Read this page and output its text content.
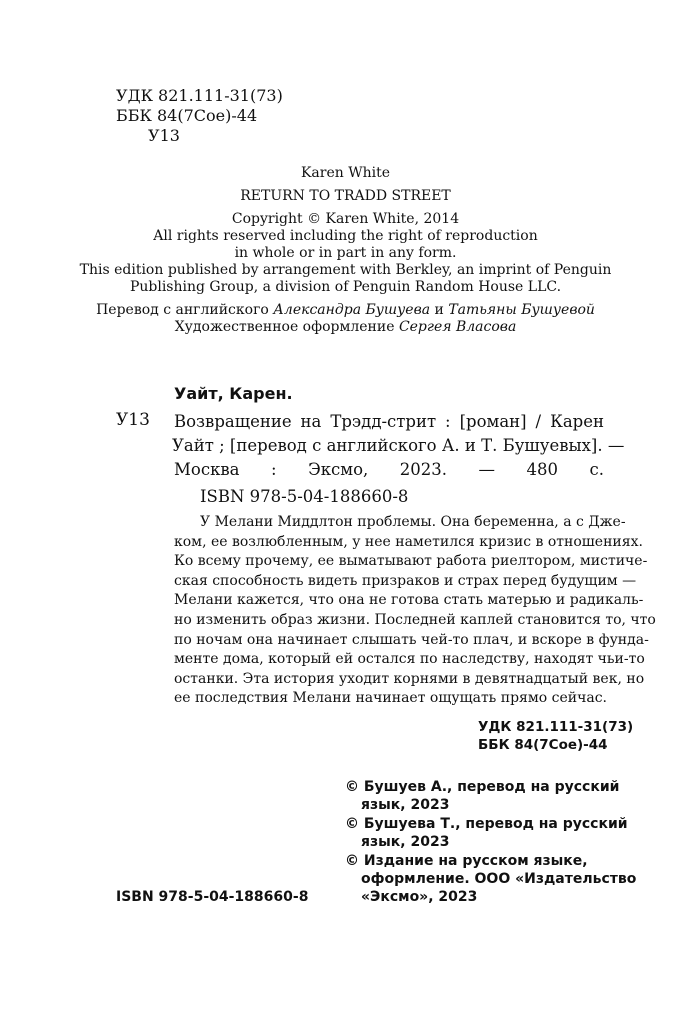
УДК 821.111-31(73)
ББК 84(7Сое)-44
У13
Karen White
RETURN TO TRADD STREET
Copyright © Karen White, 2014
All rights reserved including the right of reproduction
in whole or in part in any form.
This edition published by arrangement with Berkley, an imprint of Penguin
Publishing Group, a division of Penguin Random House LLC.
Перевод с английского Александра Бушуева и Татьяны Бушуевой
Художественное оформление Сергея Власова
Уайт, Карен.
У13 Возвращение на Трэдд-стрит : [роман] / Карен
Уайт ; [перевод с английского А. и Т. Бушуевых]. —
Москва : Эксмо, 2023. — 480 с.
ISBN 978-5-04-188660-8
У Мелани Миддлтон проблемы. Она беременна, а с Дже-
ком, ее возлюбленным, у нее наметился кризис в отношениях.
Ко всему прочему, ее выматывают работа риелтором, мистиче-
ская способность видеть призраков и страх перед будущим —
Мелани кажется, что она не готова стать матерью и радикаль-
но изменить образ жизни. Последней каплей становится то, что
по ночам она начинает слышать чей-то плач, и вскоре в фунда-
менте дома, который ей остался по наследству, находят чьи-то
останки. Эта история уходит корнями в девятнадцатый век, но
ее последствия Мелани начинает ощущать прямо сейчас.
УДК 821.111-31(73)
ББК 84(7Сое)-44
© Бушуев А., перевод на русский
язык, 2023
© Бушуева Т., перевод на русский
язык, 2023
© Издание на русском языке,
оформление. ООО «Издательство
«Эксмо», 2023
ISBN 978-5-04-188660-8
